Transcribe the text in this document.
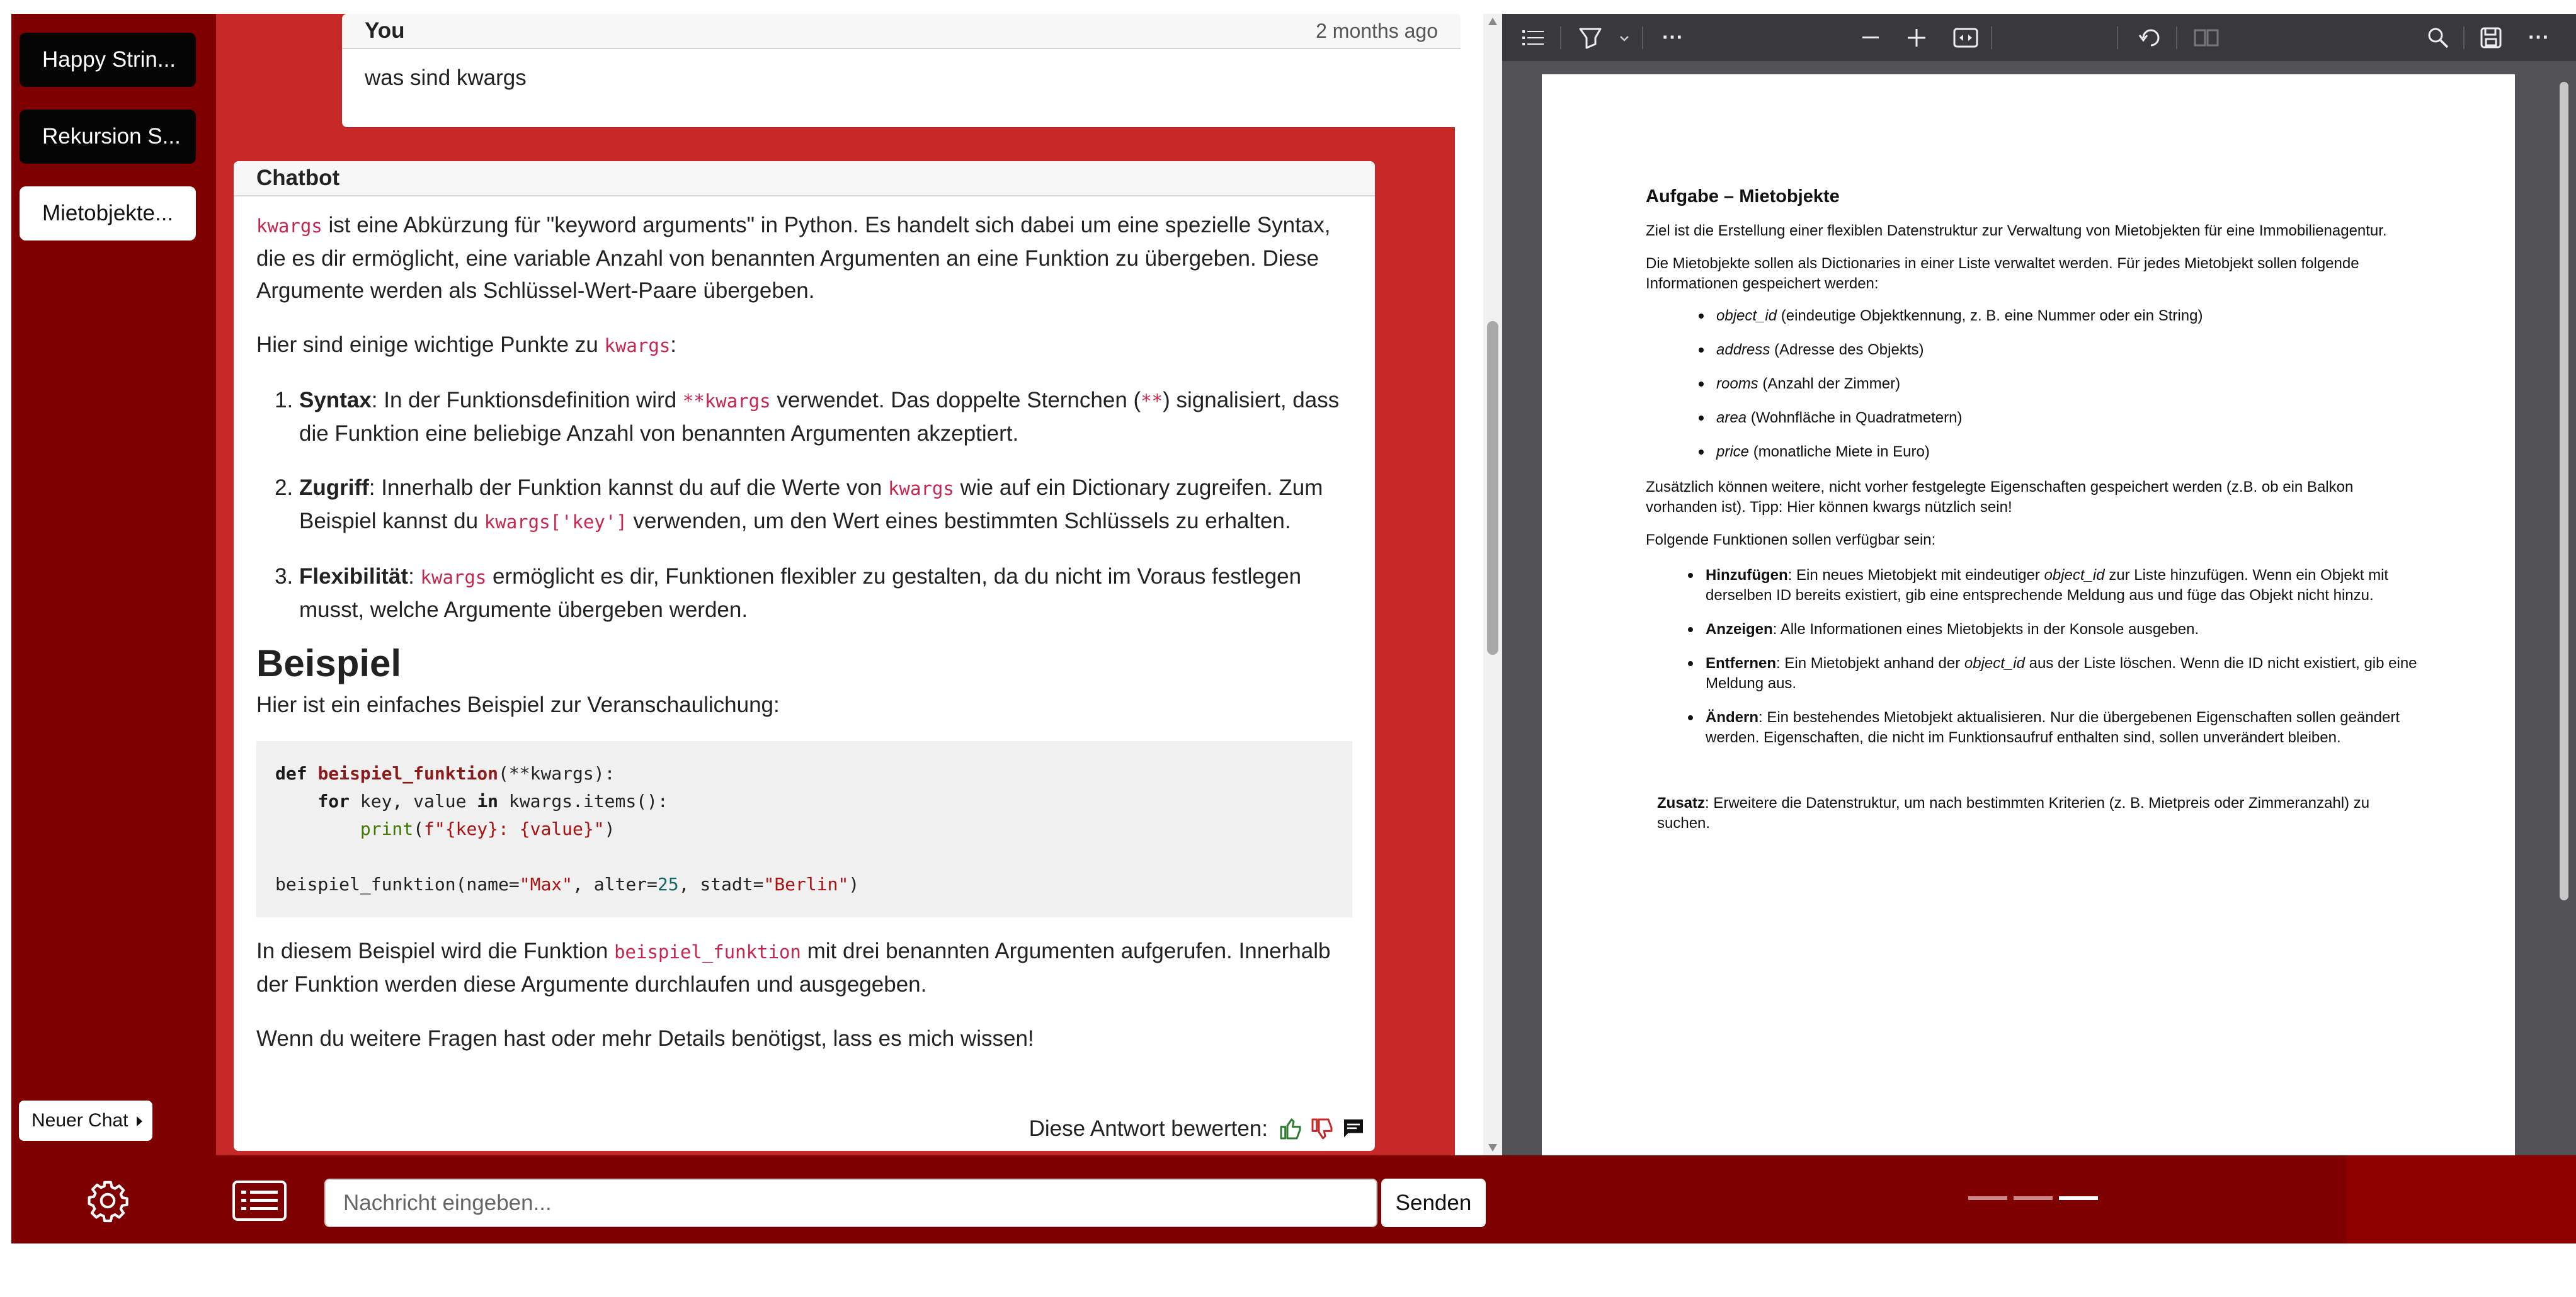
Happy Strin...
Rekursion S...
Mietobjekte...
Neuer Chat
You	2 months ago
was sind kwargs
Chatbot

kwargs ist eine Abkürzung für "keyword arguments" in Python. Es handelt sich dabei um eine spezielle Syntax, die es dir ermöglicht, eine variable Anzahl von benannten Argumenten an eine Funktion zu übergeben. Diese Argumente werden als Schlüssel-Wert-Paare übergeben.

Hier sind einige wichtige Punkte zu kwargs:

1. Syntax: In der Funktionsdefinition wird **kwargs verwendet. Das doppelte Sternchen (**) signalisiert, dass die Funktion eine beliebige Anzahl von benannten Argumenten akzeptiert.
2. Zugriff: Innerhalb der Funktion kannst du auf die Werte von kwargs wie auf ein Dictionary zugreifen. Zum Beispiel kannst du kwargs['key'] verwenden, um den Wert eines bestimmten Schlüssels zu erhalten.
3. Flexibilität: kwargs ermöglicht es dir, Funktionen flexibler zu gestalten, da du nicht im Voraus festlegen musst, welche Argumente übergeben werden.
Beispiel

Hier ist ein einfaches Beispiel zur Veranschaulichung:

def beispiel_funktion(**kwargs):
for key, value in kwargs.items():
print(f"{key}: {value}")

beispiel_funktion(name="Max", alter=25, stadt="Berlin")

In diesem Beispiel wird die Funktion beispiel_funktion mit drei benannten Argumenten aufgerufen. Innerhalb der Funktion werden diese Argumente durchlaufen und ausgegeben.

Wenn du weitere Fragen hast oder mehr Details benötigst, lass es mich wissen!

Diese Antwort bewerten:
⋯	⋯
Aufgabe – Mietobjekte
Ziel ist die Erstellung einer flexiblen Datenstruktur zur Verwaltung von Mietobjekten für eine Immobilienagentur.
Die Mietobjekte sollen als Dictionaries in einer Liste verwaltet werden. Für jedes Mietobjekt sollen folgende Informationen gespeichert werden:
object_id (eindeutige Objektkennung, z. B. eine Nummer oder ein String)
address (Adresse des Objekts)
rooms (Anzahl der Zimmer)
area (Wohnfläche in Quadratmetern)
price (monatliche Miete in Euro)
Zusätzlich können weitere, nicht vorher festgelegte Eigenschaften gespeichert werden (z.B. ob ein Balkon vorhanden ist). Tipp: Hier können kwargs nützlich sein!
Folgende Funktionen sollen verfügbar sein:
Hinzufügen: Ein neues Mietobjekt mit eindeutiger object_id zur Liste hinzufügen. Wenn ein Objekt mit derselben ID bereits existiert, gib eine entsprechende Meldung aus und füge das Objekt nicht hinzu.
Anzeigen: Alle Informationen eines Mietobjekts in der Konsole ausgeben.
Entfernen: Ein Mietobjekt anhand der object_id aus der Liste löschen. Wenn die ID nicht existiert, gib eine Meldung aus.
Ändern: Ein bestehendes Mietobjekt aktualisieren. Nur die übergebenen Eigenschaften sollen geändert werden. Eigenschaften, die nicht im Funktionsaufruf enthalten sind, sollen unverändert bleiben.
Zusatz: Erweitere die Datenstruktur, um nach bestimmten Kriterien (z. B. Mietpreis oder Zimmeranzahl) zu suchen.
Nachricht eingeben...
Senden
